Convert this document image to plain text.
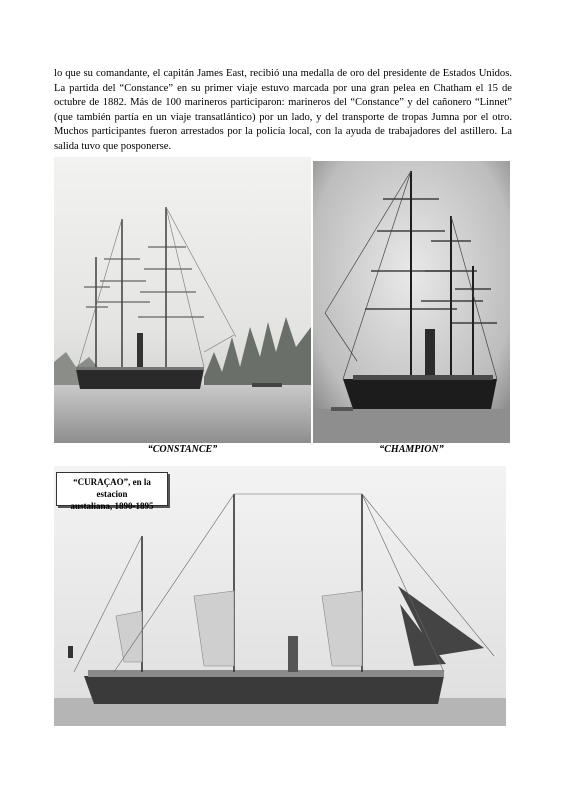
lo que su comandante, el capitán James East, recibió una medalla de oro del presidente de Estados Unidos. La partida del “Constance” en su primer viaje estuvo marcada por una gran pelea en Chatham el 15 de octubre de 1882. Más de 100 marineros participaron: marineros del “Constance” y del cañonero “Linnet” (que también partía en un viaje transatlántico) por un lado, y del transporte de tropas Jumna por el otro. Muchos participantes fueron arrestados por la policía local, con la ayuda de trabajadores del astillero. La salida tuvo que posponerse.

“CONSTANCE”	“CHAMPION”
“CURAÇAO”, en la estacion
austaliana, 1890-1895
